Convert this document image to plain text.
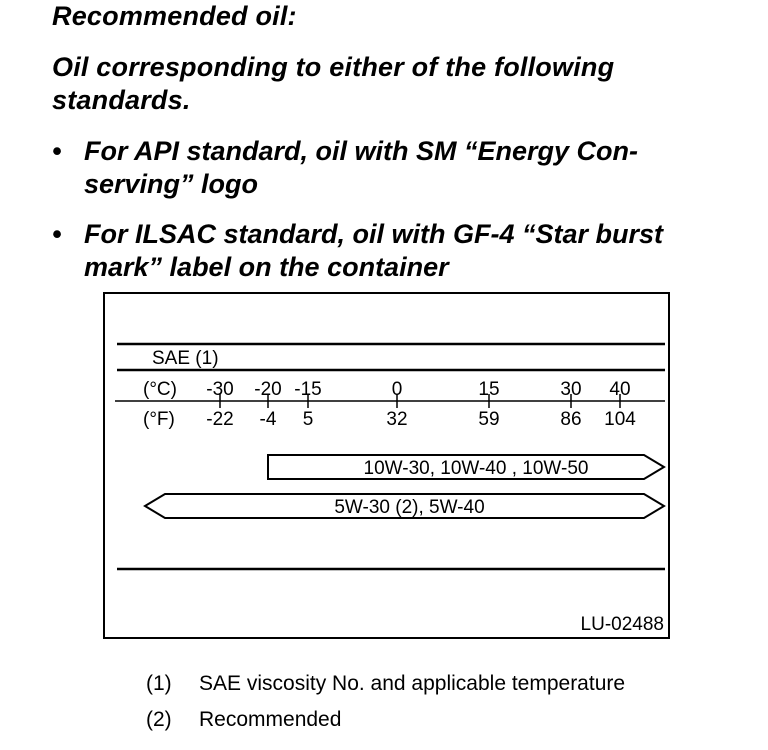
Recommended oil:
Oil corresponding to either of the following
standards.
• For API standard, oil with SM “Energy Con-
serving” logo
• For ILSAC standard, oil with GF-4 “Star burst
mark” label on the container
SAE (1)
(°C)
(°F)
-30
-22
-20
-4
-15
5
0
32
15
59
30
86
40
104
10W-30, 10W-40 , 10W-50
5W-30 (2), 5W-40
LU-02488
(1) SAE viscosity No. and applicable temperature
(2) Recommended
